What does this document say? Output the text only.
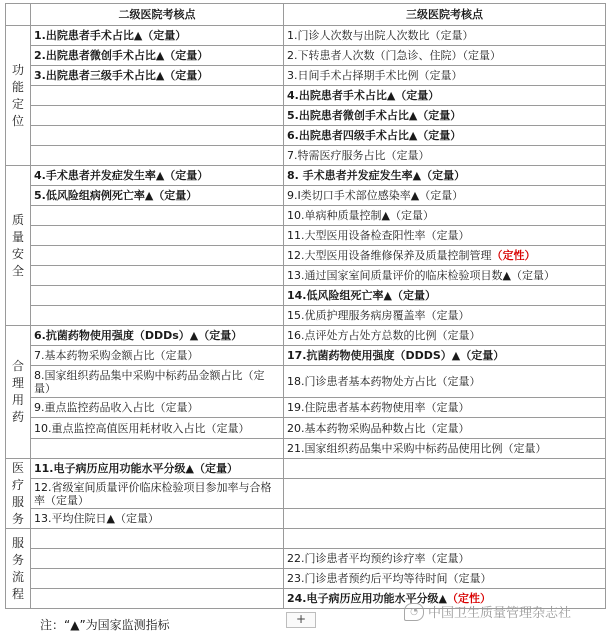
	二级医院考核点	三级医院考核点

功能定位	1.出院患者手术占比▲（定量）	1.门诊人次数与出院人次数比（定量）
	2.出院患者微创手术占比▲（定量）	2.下转患者人次数（门急诊、住院）（定量）
	3.出院患者三级手术占比▲（定量）	3.日间手术占择期手术比例（定量）
		4.出院患者手术占比▲（定量）
		5.出院患者微创手术占比▲（定量）
		6.出院患者四级手术占比▲（定量）
		7.特需医疗服务占比（定量）

质量安全	4.手术患者并发症发生率▲（定量）	8. 手术患者并发症发生率▲（定量）
	5.低风险组病例死亡率▲（定量）	9.Ⅰ类切口手术部位感染率▲（定量）
		10.单病种质量控制▲（定量）
		11.大型医用设备检查阳性率（定量）
		12.大型医用设备维修保养及质量控制管理（定性）
		13.通过国家室间质量评价的临床检验项目数▲（定量）
		14.低风险组死亡率▲（定量）
		15.优质护理服务病房覆盖率（定量）

合理用药	6.抗菌药物使用强度（DDDs）▲（定量）	16.点评处方占处方总数的比例（定量）
	7.基本药物采购金额占比（定量）	17.抗菌药物使用强度（DDDS）▲（定量）
	8.国家组织药品集中采购中标药品金额占比（定量）	18.门诊患者基本药物处方占比（定量）
	9.重点监控药品收入占比（定量）	19.住院患者基本药物使用率（定量）
	10.重点监控高值医用耗材收入占比（定量）	20.基本药物采购品种数占比（定量）
		21.国家组织药品集中采购中标药品使用比例（定量）

医疗服务	11.电子病历应用功能水平分级▲（定量）	
	12.省级室间质量评价临床检验项目参加率与合格率（定量）	
	13.平均住院日▲（定量）	

服务流程		

		22.门诊患者平均预约诊疗率（定量）
		23.门诊患者预约后平均等待时间（定量）
		24.电子病历应用功能水平分级▲（定性）
注：“▲”为国家监测指标	+
◔ 中国卫生质量管理杂志社
